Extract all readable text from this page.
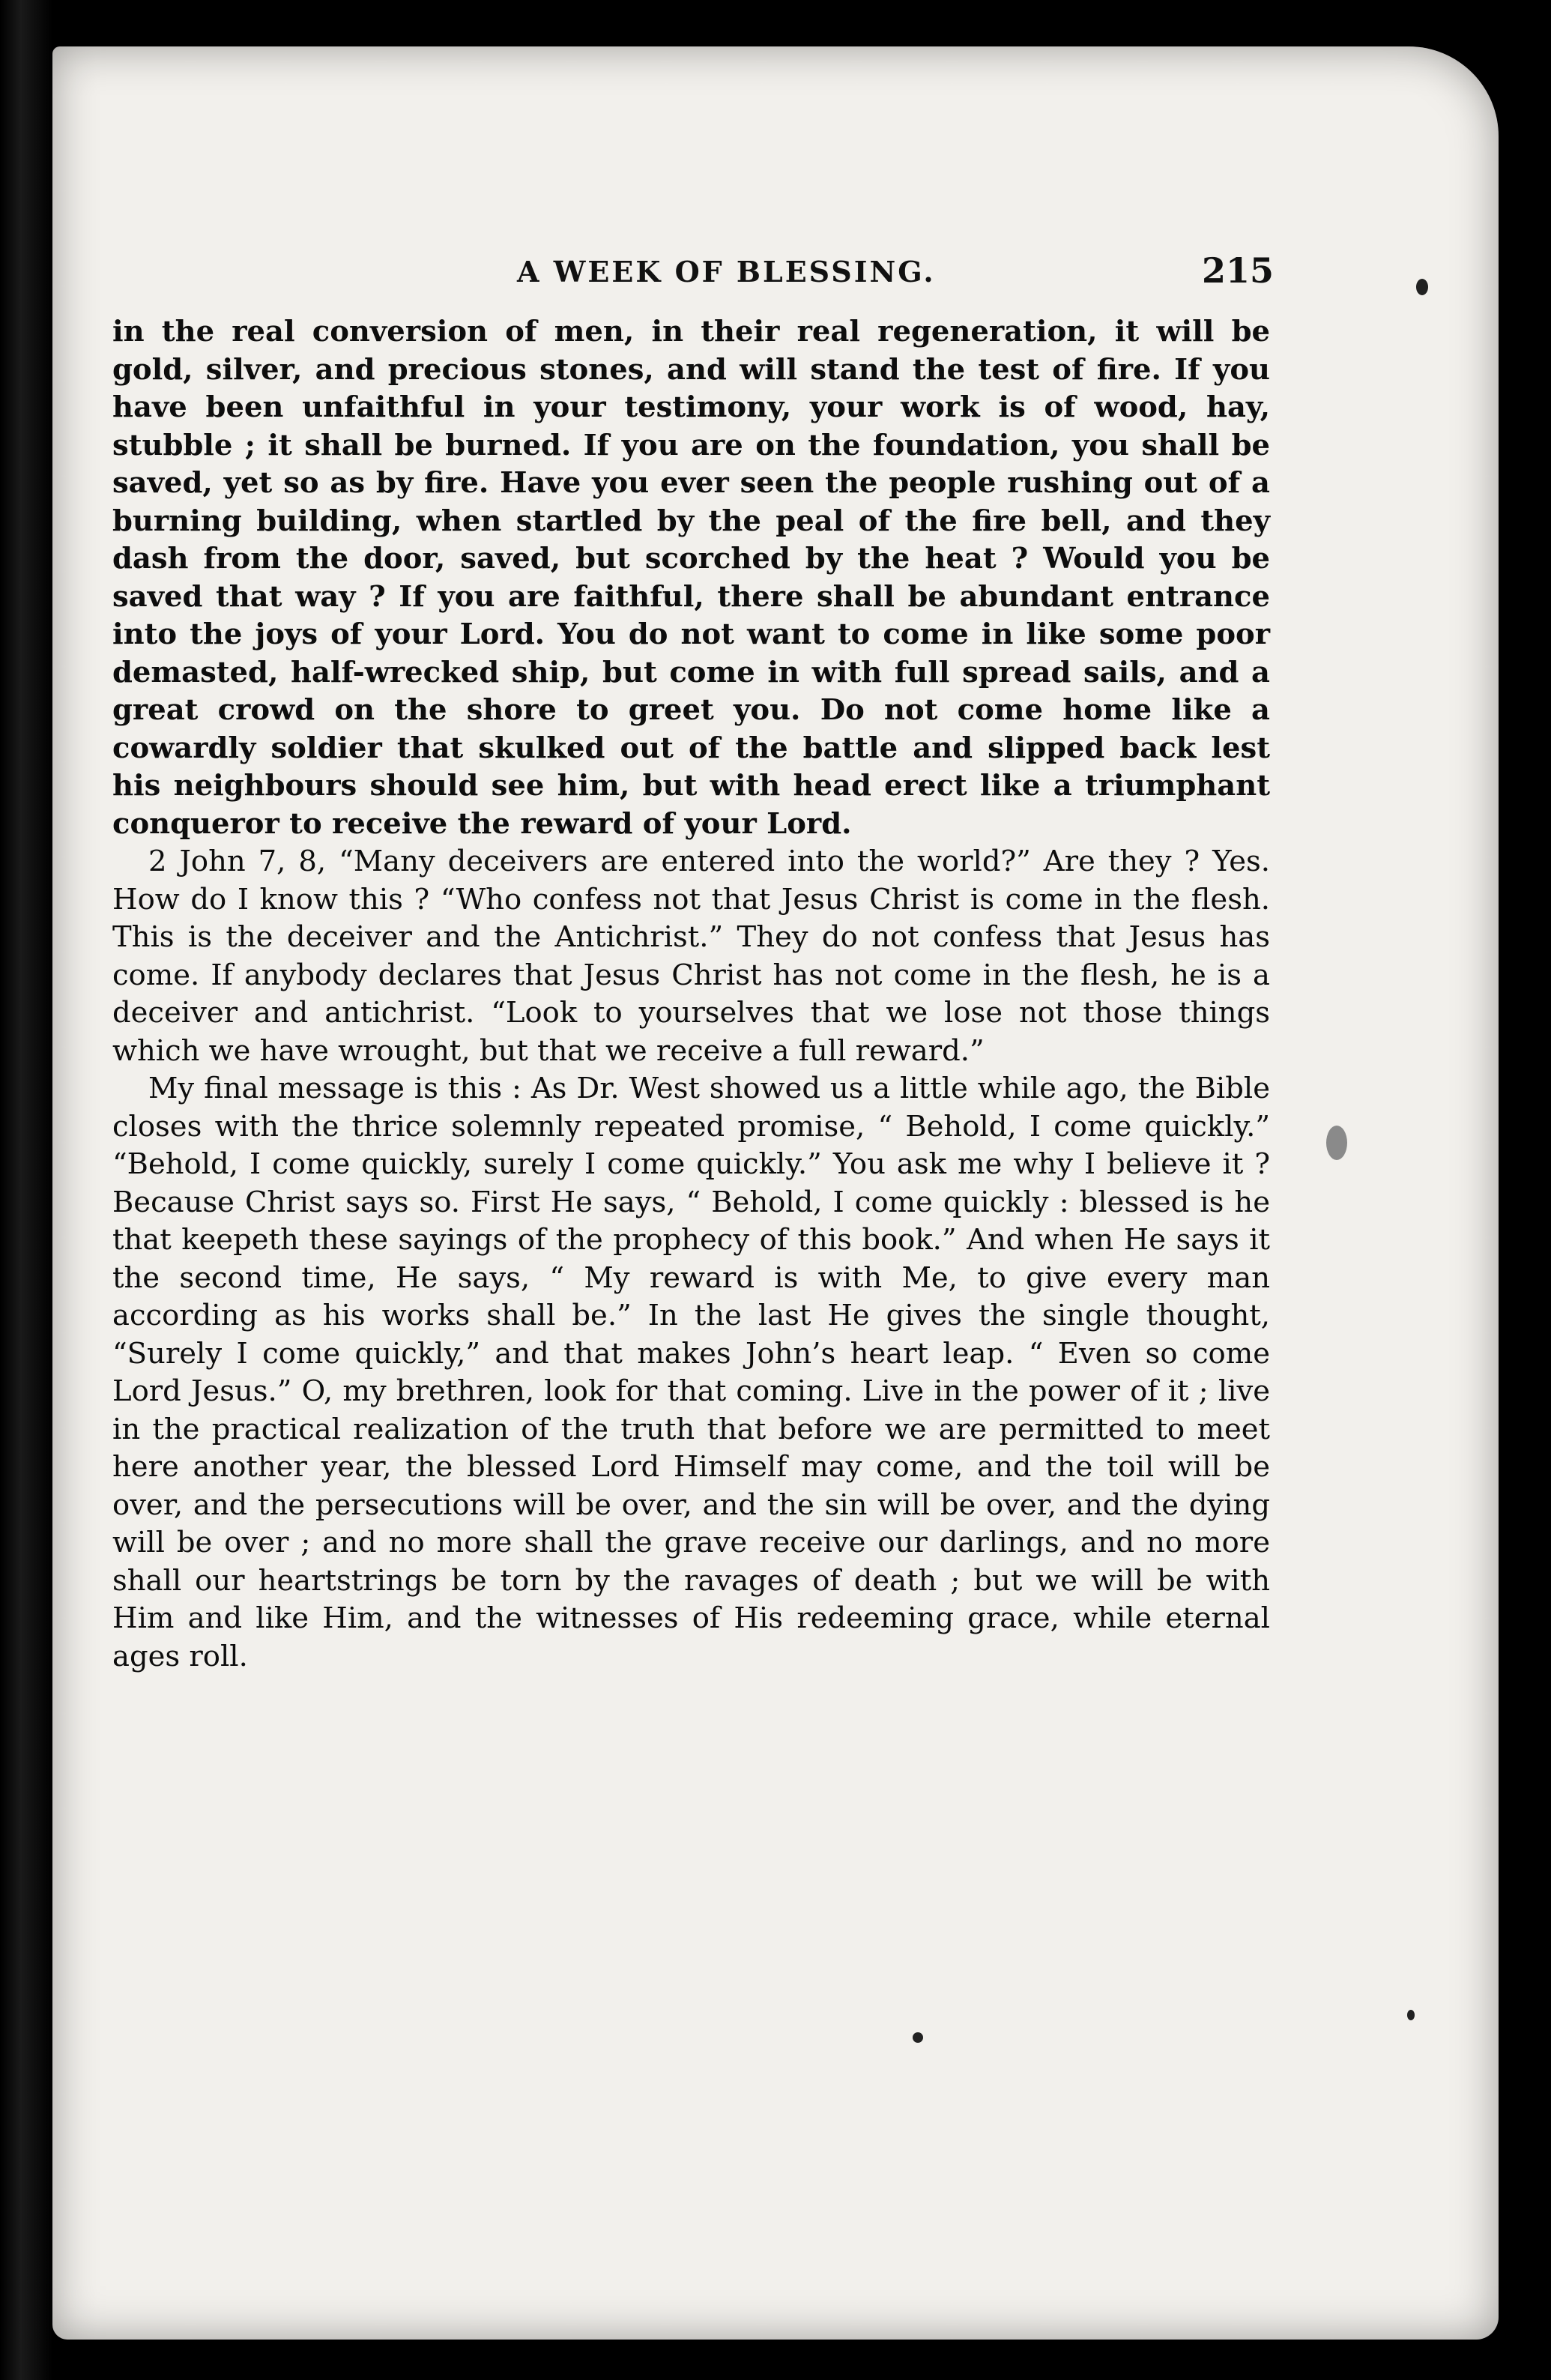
A WEEK OF BLESSING.	215

in the real conversion of men, in their real regeneration, it will be gold, silver, and precious stones, and will stand the test of fire. If you have been unfaithful in your testimony, your work is of wood, hay, stubble ; it shall be burned. If you are on the foundation, you shall be saved, yet so as by fire. Have you ever seen the people rushing out of a burning building, when startled by the peal of the fire bell, and they dash from the door, saved, but scorched by the heat ? Would you be saved that way ? If you are faithful, there shall be abundant entrance into the joys of your Lord. You do not want to come in like some poor demasted, half-wrecked ship, but come in with full spread sails, and a great crowd on the shore to greet you. Do not come home like a cowardly soldier that skulked out of the battle and slipped back lest his neighbours should see him, but with head erect like a triumphant conqueror to receive the reward of your Lord.

2 John 7, 8, “Many deceivers are entered into the world?” Are they ? Yes. How do I know this ? “Who confess not that Jesus Christ is come in the flesh. This is the deceiver and the Antichrist.” They do not confess that Jesus has come. If anybody declares that Jesus Christ has not come in the flesh, he is a deceiver and antichrist. “Look to yourselves that we lose not those things which we have wrought, but that we receive a full reward.”

My final message is this : As Dr. West showed us a little while ago, the Bible closes with the thrice solemnly repeated promise, “ Behold, I come quickly.” “Behold, I come quickly, surely I come quickly.” You ask me why I believe it ? Because Christ says so. First He says, “ Behold, I come quickly : blessed is he that keepeth these sayings of the prophecy of this book.” And when He says it the second time, He says, “ My reward is with Me, to give every man according as his works shall be.” In the last He gives the single thought, “Surely I come quickly,” and that makes John’s heart leap. “ Even so come Lord Jesus.” O, my brethren, look for that coming. Live in the power of it ; live in the practical realization of the truth that before we are permitted to meet here another year, the blessed Lord Himself may come, and the toil will be over, and the persecutions will be over, and the sin will be over, and the dying will be over ; and no more shall the grave receive our darlings, and no more shall our heartstrings be torn by the ravages of death ; but we will be with Him and like Him, and the witnesses of His redeeming grace, while eternal ages roll.
